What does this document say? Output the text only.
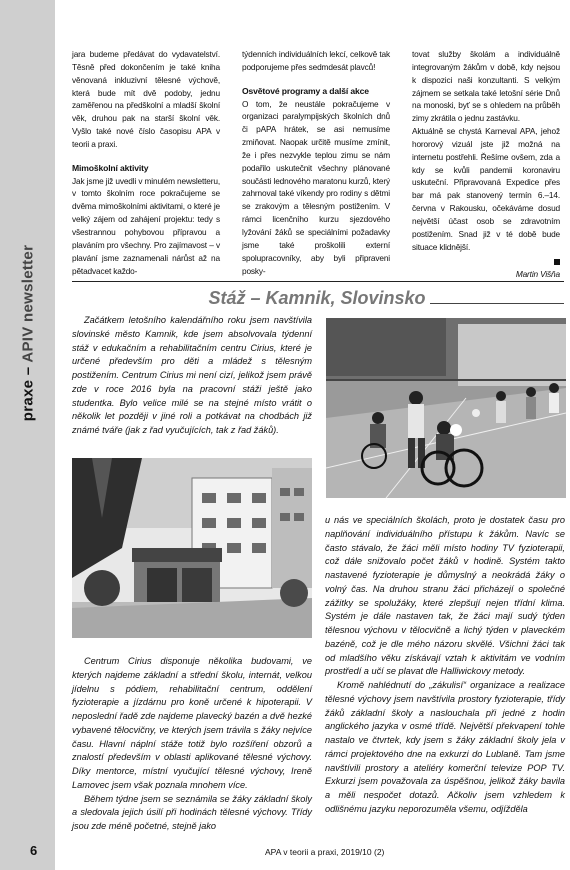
praxe – APIV newsletter

jara budeme předávat do vydavatelství. Těsně před dokončením je také kniha věnovaná inkluzivní tělesné výchově, která bude mít dvě podoby, jednu zaměřenou na předškolní a mladší školní věk, druhou pak na starší školní věk. Vyšlo také nové číslo časopisu APA v teorii a praxi.

Mimoškolní aktivity

Jak jsme již uvedli v minulém newsletteru, v tomto školním roce pokračujeme se dvěma mimoškolními aktivitami, o které je velký zájem od zahájení projektu: tedy s všestrannou pohybovou přípravou a plaváním pro všechny. Pro zajímavost – v plavání jsme zaznamenali nárůst až na pětadvacet každo-

týdenních individuálních lekcí, celkově tak podporujeme přes sedmdesát plavců!

Osvětové programy a další akce

O tom, že neustále pokračujeme v organizaci paralympijských školních dnů či pAPA hrátek, se asi nemusíme zmiňovat. Naopak určitě musíme zmínit, že i přes nezvykle teplou zimu se nám podařilo uskutečnit všechny plánované součásti lednového maratonu kurzů, který zahrnoval také víkendy pro rodiny s dětmi se zrakovým a tělesným postižením. V rámci licenčního kurzu sjezdového lyžování žáků se speciálními požadavky jsme také proškolili externí spolupracovníky, aby byli připraveni posky-

tovat služby školám a individuálně integrovaným žákům v době, kdy nejsou k dispozici naši konzultanti. S velkým zájmem se setkala také letošní série Dnů na monoski, byť se s ohledem na průběh zimy zkrátila o jednu zastávku.

Aktuálně se chystá Karneval APA, jehož hororový vizuál jste již možná na internetu postřehli. Řešíme ovšem, zda a kdy se kvůli pandemii koronaviru uskuteční. Připravovaná Expedice přes bar má pak stanovený termín 6.–14. června v Rakousku, očekáváme dosud největší účast osob se zdravotním postižením. Snad již v té době bude situace klidnější.

Martin Višňa

Stáž – Kamnik, Slovinsko

Začátkem letošního kalendářního roku jsem navštívila slovinské město Kamnik, kde jsem absolvovala týdenní stáž v edukačním a rehabilitačním centru Cirius, které je určené především pro děti a mládež s tělesným postižením. Centrum Cirius mi není cizí, jelikož jsem právě zde v roce 2016 byla na pracovní stáži ještě jako studentka. Bylo velice milé se na stejné místo vrátit o několik let později v jiné roli a potkávat na chodbách již známé tváře (jak z řad vyučujících, tak z řad žáků).

Centrum Cirius disponuje několika budovami, ve kterých najdeme základní a střední školu, internát, velkou jídelnu s pódiem, rehabilitační centrum, oddělení fyzioterapie a jízdárnu pro koně určené k hipoterapii. V neposlední řadě zde najdeme plavecký bazén a dvě hezké vybavené tělocvičny, ve kterých jsem trávila s žáky nejvíce času. Hlavní náplní stáže totiž bylo rozšíření obzorů a znalostí především v oblasti aplikované tělesné výchovy. Díky mentorce, místní vyučující tělesné výchovy, Ireně Lamovec jsem však poznala mnohem více.

Během týdne jsem se seznámila se žáky základní školy a sledovala jejich úsilí při hodinách tělesné výchovy. Třídy jsou zde méně početné, stejně jako

u nás ve speciálních školách, proto je dostatek času pro naplňování individuálního přístupu k žákům. Navíc se často stávalo, že žáci měli místo hodiny TV fyzioterapii, což dále snižovalo počet žáků v hodině. Systém takto nastavené fyzioterapie je důmyslný a neokrádá žáky o volný čas. Na druhou stranu žáci přicházejí o společné zážitky se spolužáky, které zlepšují nejen třídní klima. Systém je dále nastaven tak, že žáci mají sudý týden tělesnou výchovu v tělocvičně a lichý týden v plaveckém bazéně, což je dle mého názoru skvělé. Všichni žáci tak od mladšího věku získávají vztah k aktivitám ve vodním prostředí a učí se plavat dle Halliwickovy metody.

Kromě nahlédnutí do „zákulisí“ organizace a realizace tělesné výchovy jsem navštívila prostory fyzioterapie, třídy žáků základní školy a naslouchala při jedné z hodin anglického jazyka v osmé třídě. Největší překvapení tohle nastalo ve čtvrtek, kdy jsem s žáky základní školy jela v rámci projektového dne na exkurzi do Lublaně. Tam jsme navštívili prostory a ateliéry komerční televize POP TV. Exkurzi jsem považovala za úspěšnou, jelikož žáky bavila a měli nespočet dotazů. Ačkoliv jsem vzhledem k odlišnému jazyku neporozuměla všemu, odjížděla

6	APA v teorii a praxi, 2019/10 (2)
